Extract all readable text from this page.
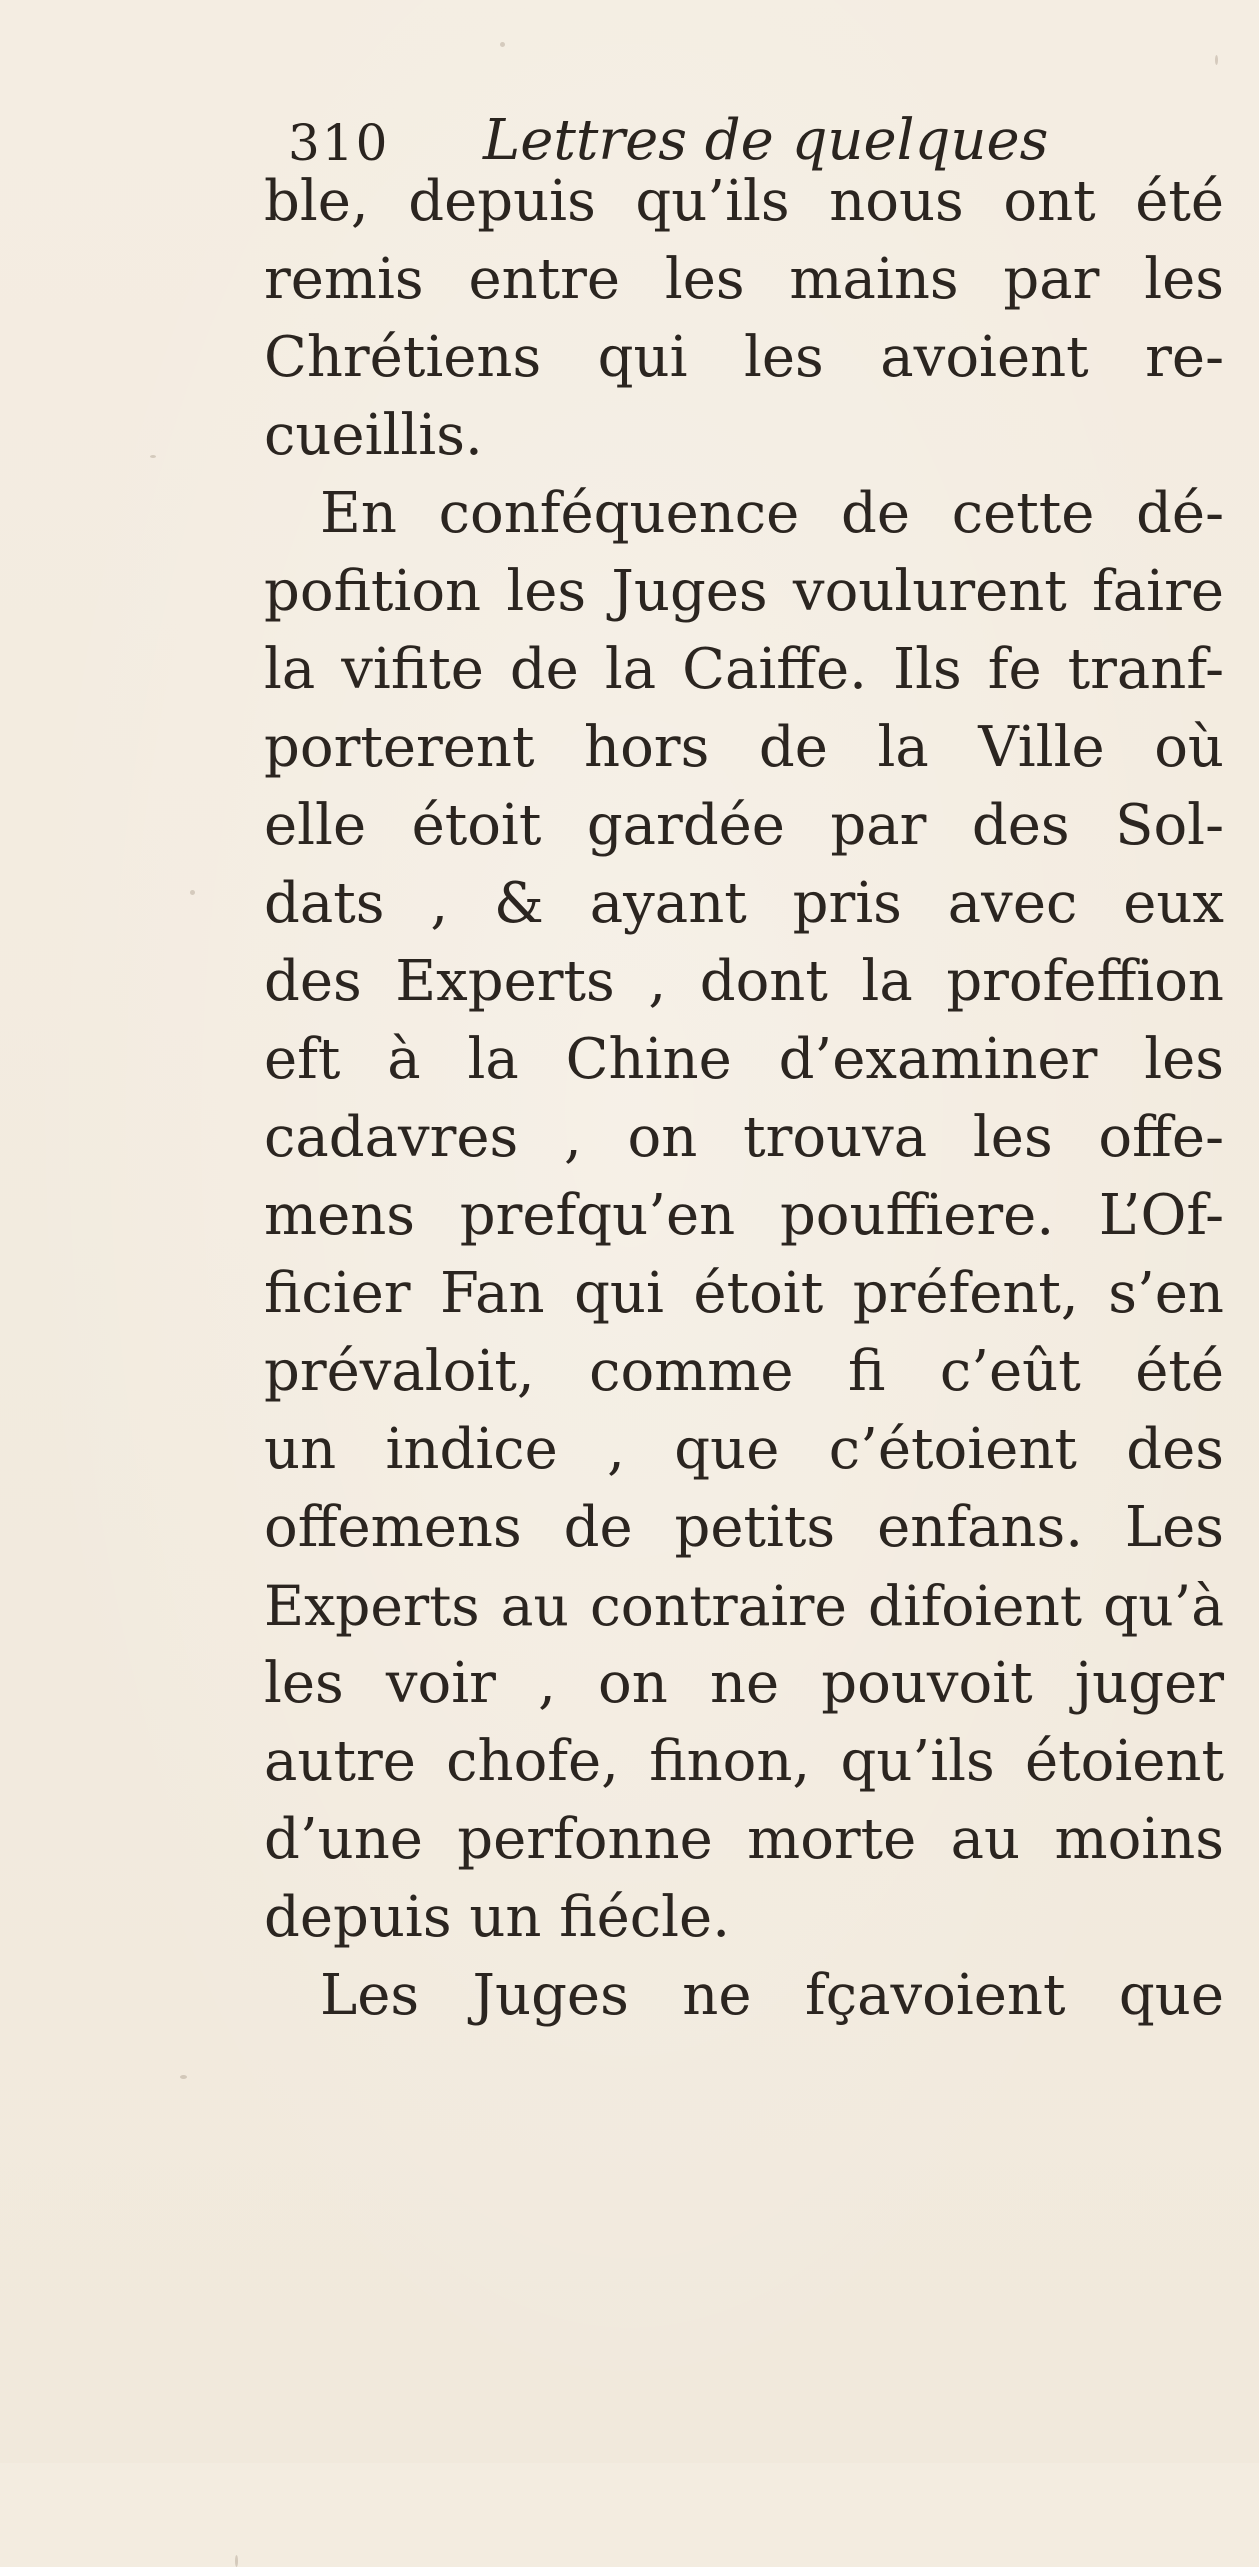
310 Lettres de quelques
ble, depuis qu’ils nous ont été
remis entre les mains par les
Chrétiens qui les avoient re-
cueillis.
En conféquence de cette dé-
pofition les Juges voulurent faire
la vifite de la Caiffe. Ils fe tranf-
porterent hors de la Ville où
elle étoit gardée par des Sol-
dats , & ayant pris avec eux
des Experts , dont la profeffion
eft à la Chine d’examiner les
cadavres , on trouva les offe-
mens prefqu’en pouffiere. L’Of-
ficier Fan qui étoit préfent, s’en
prévaloit, comme fi c’eût été
un indice , que c’étoient des
offemens de petits enfans. Les
Experts au contraire difoient qu’à
les voir , on ne pouvoit juger
autre chofe, finon, qu’ils étoient
d’une perfonne morte au moins
depuis un fiécle.
Les Juges ne fçavoient que
